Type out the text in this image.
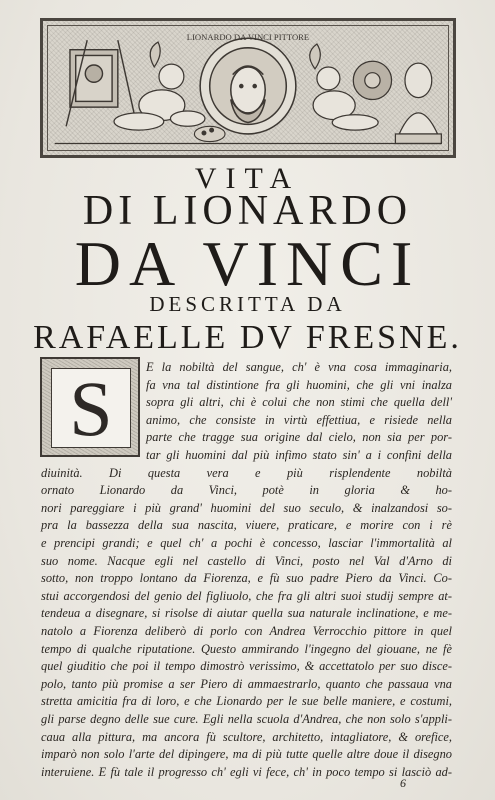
LIONARDO DA VINCI PITTORE
VITA
DI LIONARDO
DA VINCI
DESCRITTA DA
RAFAELLE DV FRESNE.
S	E la nobiltà del sangue, ch' è vna cosa immaginaria,
fa vna tal distintione fra gli huomini, che gli vni inalza
sopra gli altri, chi è colui che non stimi che quella dell'
animo, che consiste in virtù effettiua, e risiede nella
parte che tragge sua origine dal cielo, non sia per por-
tar gli huomini dal più infimo stato sin' a i confini della
diuinità. Di questa vera e più risplendente nobiltà
ornato Lionardo da Vinci, potè in gloria & ho-
nori pareggiare i più grand' huomini del suo seculo, & inalzandosi so-
pra la bassezza della sua nascita, viuere, praticare, e morire con i rè
e prencipi grandi; e quel ch' a pochi è concesso, lasciar l'immortalità al
suo nome. Nacque egli nel castello di Vinci, posto nel Val d'Arno di
sotto, non troppo lontano da Fiorenza, e fù suo padre Piero da Vinci. Co-
stui accorgendosi del genio del figliuolo, che fra gli altri suoi studij sempre at-
tendeua a disegnare, si risolse di aiutar quella sua naturale inclinatione, e me-
natolo a Fiorenza deliberò di porlo con Andrea Verrocchio pittore in quel
tempo di qualche riputatione. Questo ammirando l'ingegno del giouane, ne fè
quel giuditio che poi il tempo dimostrò verissimo, & accettatolo per suo disce-
polo, tanto più promise a ser Piero di ammaestrarlo, quanto che passaua vna
stretta amicitia fra di loro, e che Lionardo per le sue belle maniere, e costumi,
gli parse degno delle sue cure. Egli nella scuola d'Andrea, che non solo s'appli-
caua alla pittura, ma ancora fù scultore, architetto, intagliatore, & orefice,
imparò non solo l'arte del dipingere, ma di più tutte quelle altre doue il disegno
interuiene. E fù tale il progresso ch' egli vi fece, ch' in poco tempo si lasciò ad-
6
